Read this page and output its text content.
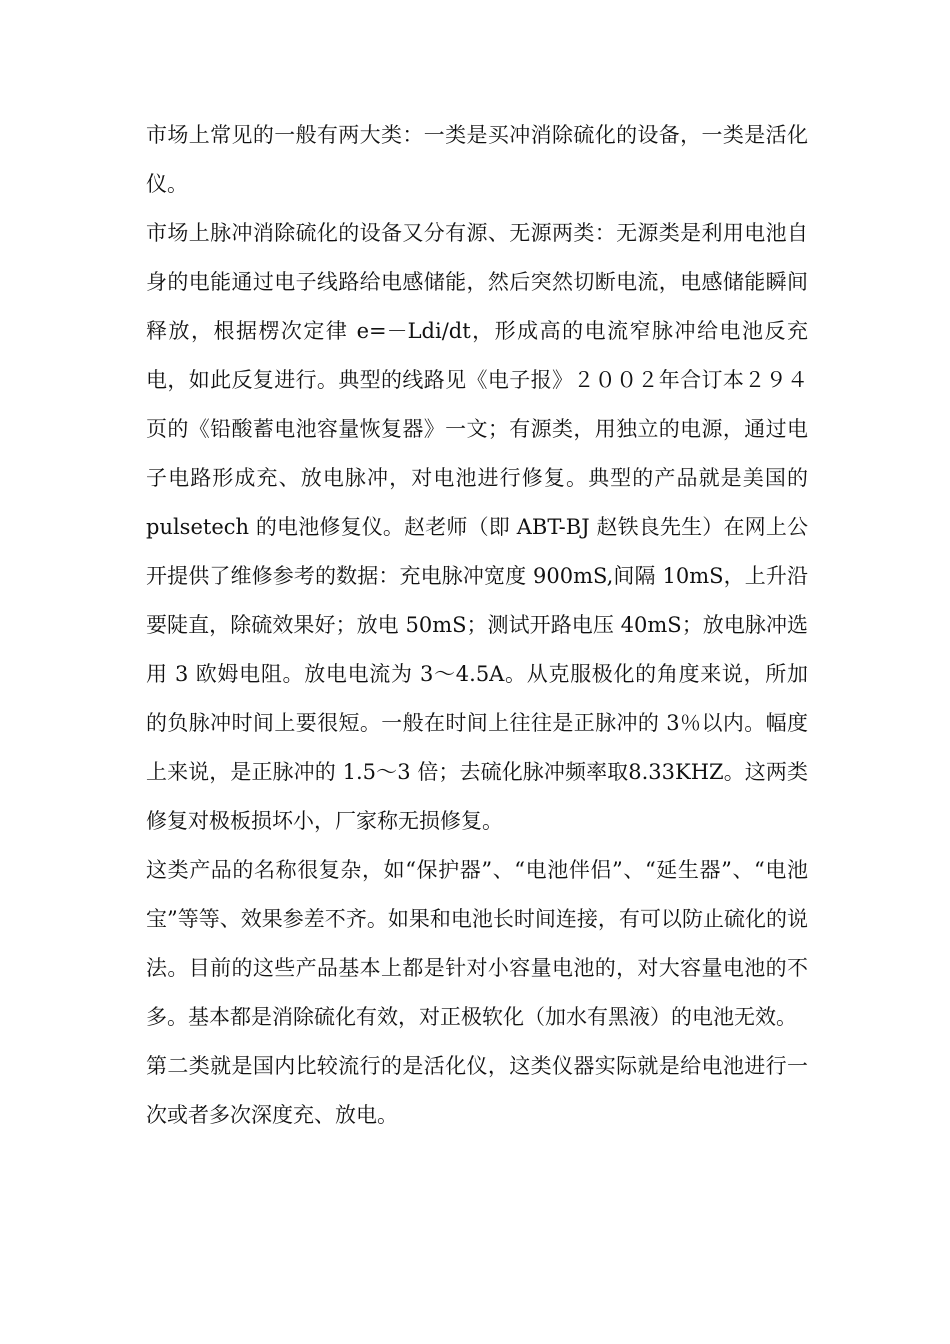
市场上常见的一般有两大类：一类是买冲消除硫化的设备，一类是活化仪。

市场上脉冲消除硫化的设备又分有源、无源两类：无源类是利用电池自身的电能通过电子线路给电感储能，然后突然切断电流，电感储能瞬间释放，根据楞次定律 e=－Ldi/dt，形成高的电流窄脉冲给电池反充电，如此反复进行。典型的线路见《电子报》２００２年合订本２９４页的《铅酸蓄电池容量恢复器》一文；有源类，用独立的电源，通过电子电路形成充、放电脉冲，对电池进行修复。典型的产品就是美国的 pulsetech 的电池修复仪。赵老师（即 ABT-BJ 赵铁良先生）在网上公开提供了维修参考的数据：充电脉冲宽度 900mS,间隔 10mS，上升沿要陡直，除硫效果好；放电 50mS；测试开路电压 40mS；放电脉冲选用 3 欧姆电阻。放电电流为 3～4.5A。从克服极化的角度来说，所加的负脉冲时间上要很短。一般在时间上往往是正脉冲的 3％以内。幅度上来说，是正脉冲的 1.5～3 倍；去硫化脉冲频率取8.33KHZ。这两类修复对极板损坏小，厂家称无损修复。

这类产品的名称很复杂，如“保护器”、“电池伴侣”、“延生器”、“电池宝”等等、效果参差不齐。如果和电池长时间连接，有可以防止硫化的说法。目前的这些产品基本上都是针对小容量电池的，对大容量电池的不多。基本都是消除硫化有效，对正极软化（加水有黑液）的电池无效。

第二类就是国内比较流行的是活化仪，这类仪器实际就是给电池进行一次或者多次深度充、放电。
